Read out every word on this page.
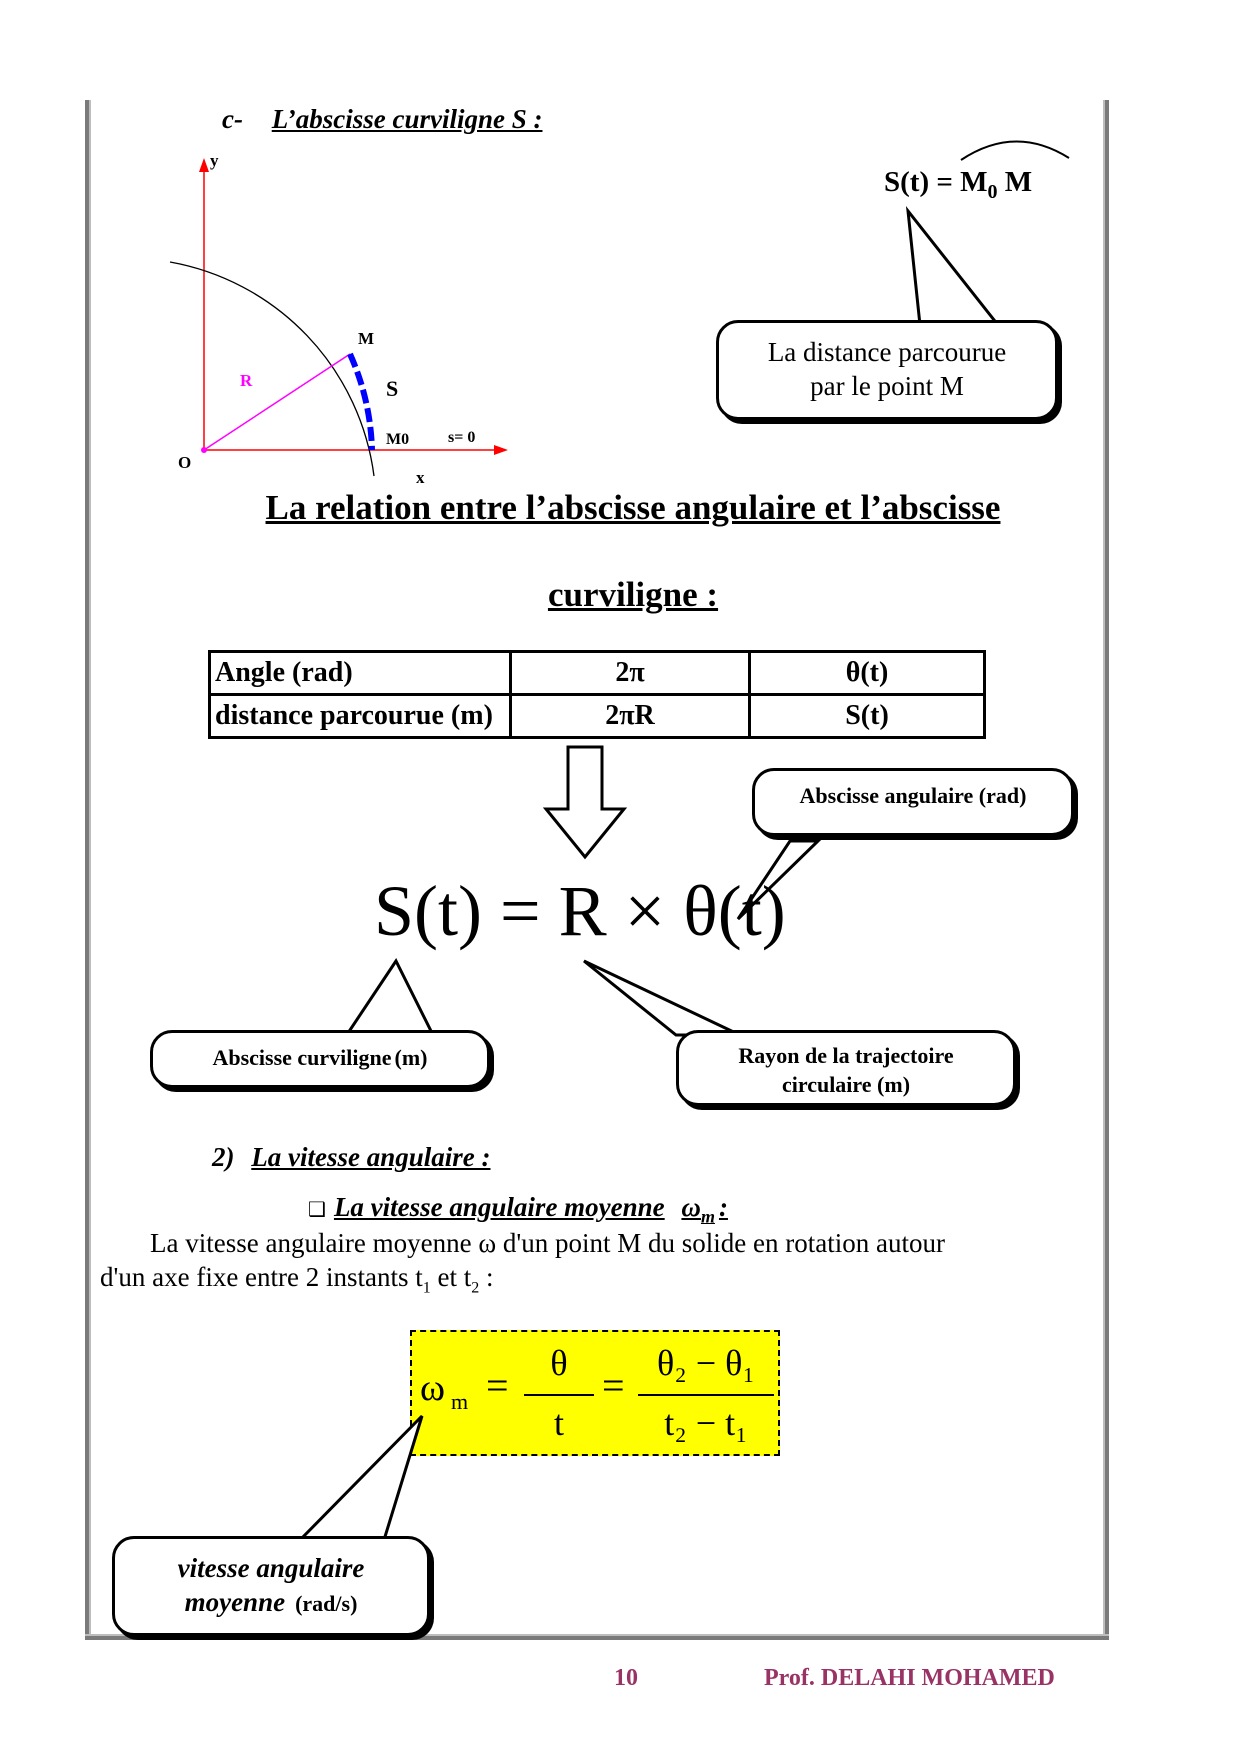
c- L’abscisse curviligne S :
y
O
x
R
M
S
M0 s= 0
$S(t) = M_0$ M
La distance parcourue
par le point M
La relation entre l’abscisse angulaire et l’abscisse
curviligne :
Angle (rad)	2π	θ(t)
distance parcourue (m)	2πR	S(t)
Abscisse angulaire (rad)
S(t) = R × θ(t)
Abscisse curviligne (m)	Rayon de la trajectoire
circulaire (m)
2) La vitesse angulaire :
❑ La vitesse angulaire moyenne $\omega_m$ :
La vitesse angulaire moyenne ω d'un point M du solide en rotation autour
d'un axe fixe entre 2 instants $t_1$ et $t_2$ :
ω $_m$ =	θ
t
= θ₂ − θ₁
t₂ − t₁
vitesse angulaire
moyenne (rad/s)
10	Prof. DELAHI MOHAMED
